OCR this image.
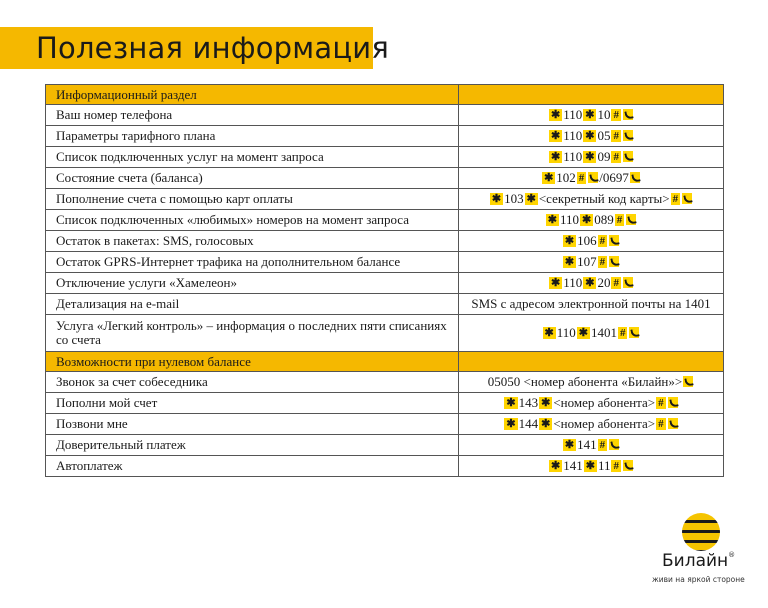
Полезная информация
Информационный раздел	
Ваш номер телефона	✱ 110 ✱ 10 #
Параметры тарифного плана	✱ 110 ✱ 05 #
Список подключенных услуг на момент запроса	✱ 110 ✱ 09 #
Состояние счета (баланса)	✱ 102 # /0697
Пополнение счета с помощью карт оплаты	✱ 103 ✱ <секретный код карты> #
Список подключенных «любимых» номеров на момент запроса	✱ 110 ✱ 089 #
Остаток в пакетах: SMS, голосовых	✱ 106 #
Остаток GPRS-Интернет трафика на дополнительном балансе	✱ 107 #
Отключение услуги «Хамелеон»	✱ 110 ✱ 20 #
Детализация на e-mail	SMS с адресом электронной почты на 1401
Услуга «Легкий контроль» – информация о последних пяти списаниях со счета	✱ 110 ✱ 1401 #
Возможности при нулевом балансе	
Звонок за счет собеседника	05050 <номер абонента «Билайн»>
Пополни мой счет	✱ 143 ✱ <номер абонента> #
Позвони мне	✱ 144 ✱ <номер абонента> #
Доверительный платеж	✱ 141 #
Автоплатеж	✱ 141 ✱ 11 #
Билайн®
живи на яркой стороне
